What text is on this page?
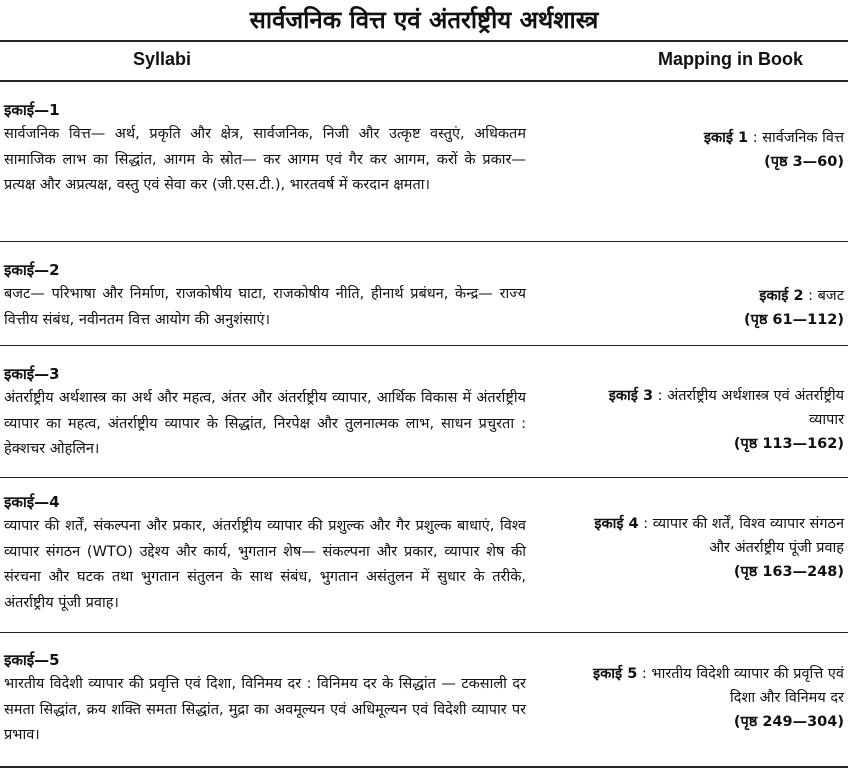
सार्वजनिक वित्त एवं अंतर्राष्ट्रीय अर्थशास्त्र
Syllabi	Mapping in Book
इकाई—1
सार्वजनिक वित्त— अर्थ, प्रकृति और क्षेत्र, सार्वजनिक, निजी और उत्कृष्ट वस्तुएं, अधिकतम सामाजिक लाभ का सिद्धांत, आगम के स्रोत— कर आगम एवं गैर कर आगम, करों के प्रकार— प्रत्यक्ष और अप्रत्यक्ष, वस्तु एवं सेवा कर (जी.एस.टी.), भारतवर्ष में करदान क्षमता।
इकाई 1 : सार्वजनिक वित्त
(पृष्ठ 3—60)
इकाई—2
बजट— परिभाषा और निर्माण, राजकोषीय घाटा, राजकोषीय नीति, हीनार्थ प्रबंधन, केन्द्र— राज्य वित्तीय संबंध, नवीनतम वित्त आयोग की अनुशंसाएं।
इकाई 2 : बजट
(पृष्ठ 61—112)
इकाई—3
अंतर्राष्ट्रीय अर्थशास्त्र का अर्थ और महत्व, अंतर और अंतर्राष्ट्रीय व्यापार, आर्थिक विकास में अंतर्राष्ट्रीय व्यापार का महत्व, अंतर्राष्ट्रीय व्यापार के सिद्धांत, निरपेक्ष और तुलनात्मक लाभ, साधन प्रचुरता : हेक्शचर ओहलिन।
इकाई 3 : अंतर्राष्ट्रीय अर्थशास्त्र एवं अंतर्राष्ट्रीय व्यापार
(पृष्ठ 113—162)
इकाई—4
व्यापार की शर्तें, संकल्पना और प्रकार, अंतर्राष्ट्रीय व्यापार की प्रशुल्क और गैर प्रशुल्क बाधाएं, विश्व व्यापार संगठन (WTO) उद्देश्य और कार्य, भुगतान शेष— संकल्पना और प्रकार, व्यापार शेष की संरचना और घटक तथा भुगतान संतुलन के साथ संबंध, भुगतान असंतुलन में सुधार के तरीके, अंतर्राष्ट्रीय पूंजी प्रवाह।
इकाई 4 : व्यापार की शर्तें, विश्व व्यापार संगठन और अंतर्राष्ट्रीय पूंजी प्रवाह
(पृष्ठ 163—248)
इकाई—5
भारतीय विदेशी व्यापार की प्रवृत्ति एवं दिशा, विनिमय दर : विनिमय दर के सिद्धांत — टकसाली दर समता सिद्धांत, क्रय शक्ति समता सिद्धांत, मुद्रा का अवमूल्यन एवं अधिमूल्यन एवं विदेशी व्यापार पर प्रभाव।
इकाई 5 : भारतीय विदेशी व्यापार की प्रवृत्ति एवं दिशा और विनिमय दर
(पृष्ठ 249—304)
